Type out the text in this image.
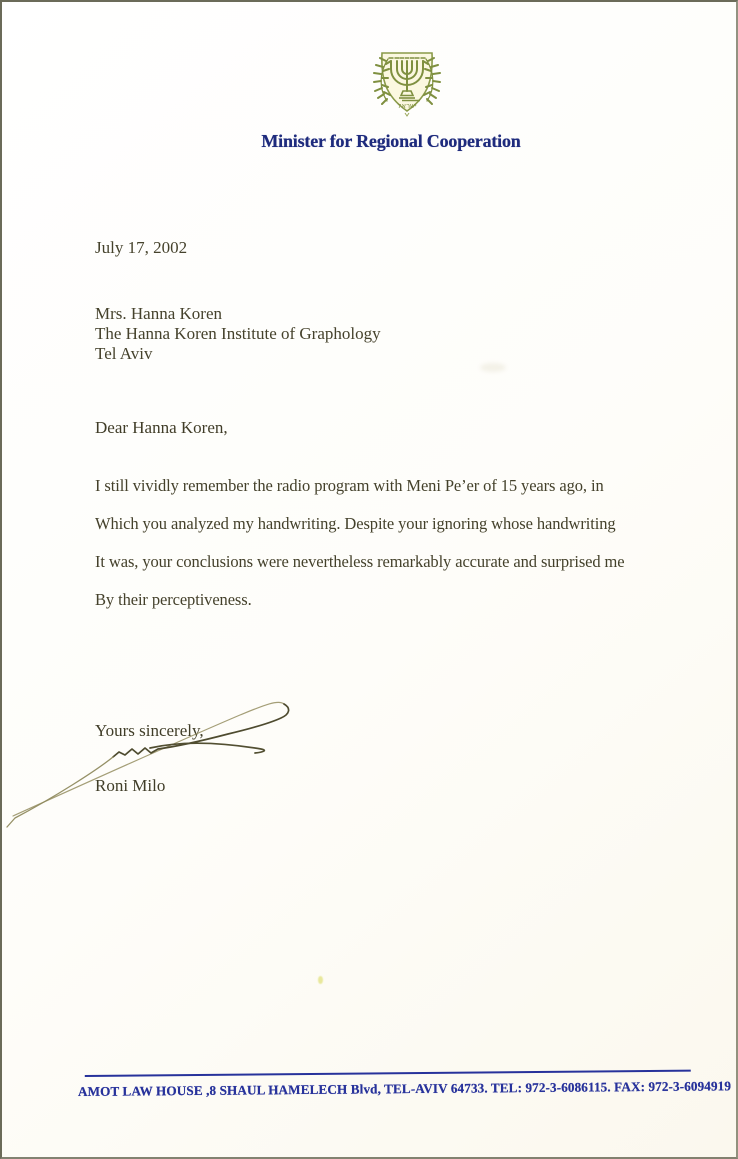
ישראל
Minister for Regional Cooperation
July 17, 2002
Mrs. Hanna Koren
The Hanna Koren Institute of Graphology
Tel Aviv
Dear Hanna Koren,
I still vividly remember the radio program with Meni Pe’er of 15 years ago, in
Which you analyzed my handwriting. Despite your ignoring whose handwriting
It was, your conclusions were nevertheless remarkably accurate and surprised me
By their perceptiveness.
Yours sincerely,
Roni Milo
AMOT LAW HOUSE ,8 SHAUL HAMELECH Blvd, TEL-AVIV 64733. TEL: 972-3-6086115. FAX: 972-3-6094919
